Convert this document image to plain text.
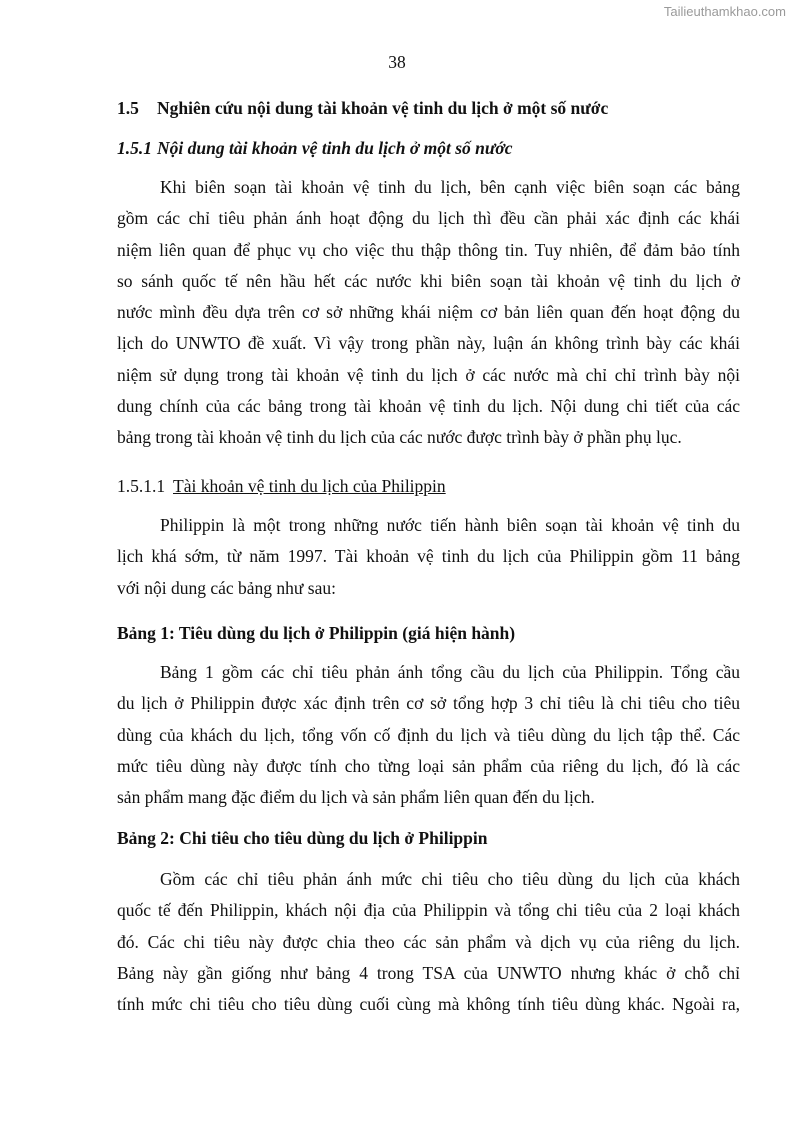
Tailieuthamkhao.com
38
1.5 Nghiên cứu nội dung tài khoản vệ tinh du lịch ở một số nước
1.5.1 Nội dung tài khoản vệ tinh du lịch ở một số nước
Khi biên soạn tài khoản vệ tinh du lịch, bên cạnh việc biên soạn các bảng
gồm các chỉ tiêu phản ánh hoạt động du lịch thì đều cần phải xác định các khái
niệm liên quan để phục vụ cho việc thu thập thông tin. Tuy nhiên, để đảm bảo tính
so sánh quốc tế nên hầu hết các nước khi biên soạn tài khoản vệ tinh du lịch ở
nước mình đều dựa trên cơ sở những khái niệm cơ bản liên quan đến hoạt động du
lịch do UNWTO đề xuất. Vì vậy trong phần này, luận án không trình bày các khái
niệm sử dụng trong tài khoản vệ tinh du lịch ở các nước mà chỉ chỉ trình bày nội
dung chính của các bảng trong tài khoản vệ tinh du lịch. Nội dung chi tiết của các
bảng trong tài khoản vệ tinh du lịch của các nước được trình bày ở phần phụ lục.
1.5.1.1 Tài khoản vệ tinh du lịch của Philippin
Philippin là một trong những nước tiến hành biên soạn tài khoản vệ tinh du
lịch khá sớm, từ năm 1997. Tài khoản vệ tinh du lịch của Philippin gồm 11 bảng
với nội dung các bảng như sau:
Bảng 1: Tiêu dùng du lịch ở Philippin (giá hiện hành)
Bảng 1 gồm các chỉ tiêu phản ánh tổng cầu du lịch của Philippin. Tổng cầu
du lịch ở Philippin được xác định trên cơ sở tổng hợp 3 chỉ tiêu là chi tiêu cho tiêu
dùng của khách du lịch, tổng vốn cố định du lịch và tiêu dùng du lịch tập thể. Các
mức tiêu dùng này được tính cho từng loại sản phẩm của riêng du lịch, đó là các
sản phẩm mang đặc điểm du lịch và sản phẩm liên quan đến du lịch.
Bảng 2: Chi tiêu cho tiêu dùng du lịch ở Philippin
Gồm các chỉ tiêu phản ánh mức chi tiêu cho tiêu dùng du lịch của khách
quốc tế đến Philippin, khách nội địa của Philippin và tổng chi tiêu của 2 loại khách
đó. Các chi tiêu này được chia theo các sản phẩm và dịch vụ của riêng du lịch.
Bảng này gần giống như bảng 4 trong TSA của UNWTO nhưng khác ở chỗ chỉ
tính mức chi tiêu cho tiêu dùng cuối cùng mà không tính tiêu dùng khác. Ngoài ra,
